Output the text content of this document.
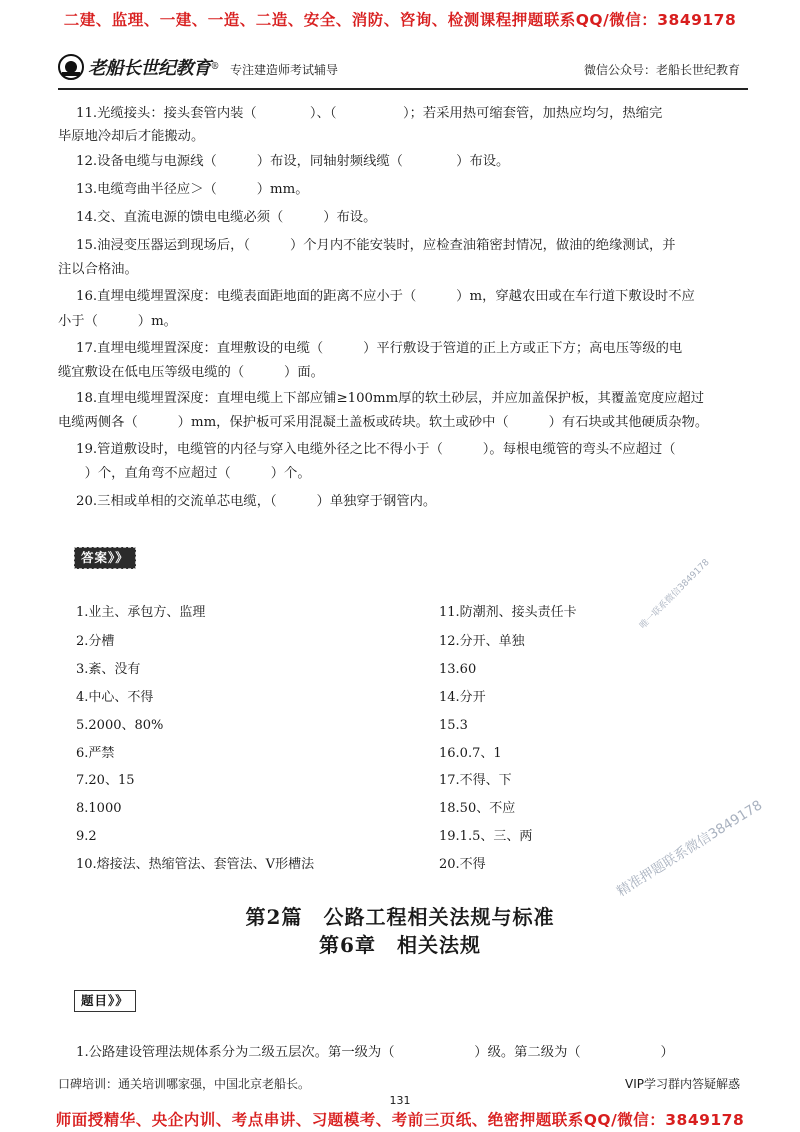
二建、监理、一建、一造、二造、安全、消防、咨询、检测课程押题联系QQ/微信：3849178
老船长世纪教育 ® 专注建造师考试辅导	微信公众号：老船长世纪教育
11.光缆接头：接头套管内装（　　　　）、（　　　　　）；若采用热可缩套管，加热应均匀，热缩完
毕原地冷却后才能搬动。
12.设备电缆与电源线（　　　）布设，同轴射频线缆（　　　　）布设。
13.电缆弯曲半径应＞（　　　）mm。
14.交、直流电源的馈电电缆必须（　　　）布设。
15.油浸变压器运到现场后，（　　　）个月内不能安装时，应检查油箱密封情况，做油的绝缘测试，并
注以合格油。
16.直埋电缆埋置深度：电缆表面距地面的距离不应小于（　　　）m，穿越农田或在车行道下敷设时不应
小于（　　　）m。
17.直埋电缆埋置深度：直埋敷设的电缆（　　　）平行敷设于管道的正上方或正下方；高电压等级的电
缆宜敷设在低电压等级电缆的（　　　）面。
18.直埋电缆埋置深度：直埋电缆上下部应铺≥100mm厚的软土砂层，并应加盖保护板，其覆盖宽度应超过
电缆两侧各（　　　）mm，保护板可采用混凝土盖板或砖块。软土或砂中（　　　）有石块或其他硬质杂物。
19.管道敷设时，电缆管的内径与穿入电缆外径之比不得小于（　　　）。每根电缆管的弯头不应超过（
　　）个，直角弯不应超过（　　　）个。
20.三相或单相的交流单芯电缆，（　　　）单独穿于钢管内。
答案》》
1.业主、承包方、监理
2.分槽
3.紊、没有
4.中心、不得
5.2000、80%
6.严禁
7.20、15
8.1000
9.2
10.熔接法、热缩管法、套管法、V形槽法
11.防潮剂、接头责任卡
12.分开、单独
13.60
14.分开
15.3
16.0.7、1
17.不得、下
18.50、不应
19.1.5、三、两
20.不得
第2篇　公路工程相关法规与标准
第6章　相关法规
题目》》
1.公路建设管理法规体系分为二级五层次。第一级为（　　　　　　）级。第二级为（　　　　　　）
口碑培训：通关培训哪家强，中国北京老船长。	VIP学习群内答疑解惑
131
师面授精华、央企内训、考点串讲、习题模考、考前三页纸、绝密押题联系QQ/微信：3849178
唯一联系微信3849178
精准押题联系微信3849178
